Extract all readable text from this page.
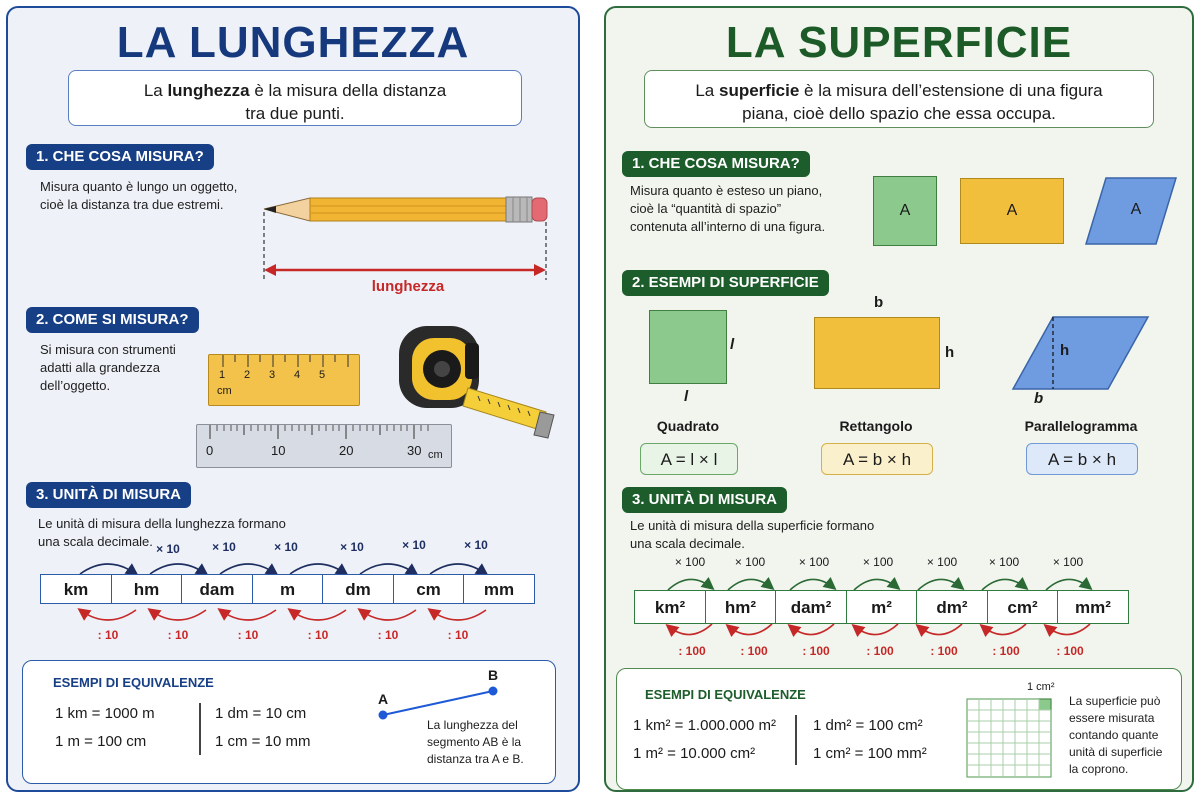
LA LUNGHEZZA
La lunghezza è la misura della distanza
tra due punti.
1. CHE COSA MISURA?
Misura quanto è lungo un oggetto,
cioè la distanza tra due estremi.
lunghezza
2. COME SI MISURA?
Si misura con strumenti
adatti alla grandezza
dell’oggetto.
1 2 3 4 5
cm
0	10	20	30 cm
3. UNITÀ DI MISURA
Le unità di misura della lunghezza formano
una scala decimale. × 10	× 10	× 10	× 10	× 10	× 10
km	hm	dam	m	dm	cm	mm
: 10	: 10	: 10	: 10	: 10	: 10
ESEMPI DI EQUIVALENZE
1 km = 1000 m
1 m = 100 cm
1 dm = 10 cm
1 cm = 10 mm
A
B
La lunghezza del
segmento AB è la
distanza tra A e B.
LA SUPERFICIE
La superficie è la misura dell’estensione di una figura
piana, cioè dello spazio che essa occupa.
1. CHE COSA MISURA?
Misura quanto è esteso un piano,
cioè la “quantità di spazio”
contenuta all’interno di una figura.
A	A	A
2. ESEMPI DI SUPERFICIE
l
l
Quadrato
A = l × l
b
h
Rettangolo
A = b × h
h
b
Parallelogramma
A = b × h
3. UNITÀ DI MISURA
Le unità di misura della superficie formano
una scala decimale.
× 100	× 100	× 100	× 100	× 100	× 100	× 100
km²	hm²	dam²	m²	dm²	cm²	mm²
: 100	: 100	: 100	: 100	: 100	: 100	: 100
ESEMPI DI EQUIVALENZE
1 km² = 1.000.000 m²
1 m² = 10.000 cm²
1 dm² = 100 cm²
1 cm² = 100 mm²
1 cm²
La superficie può
essere misurata
contando quante
unità di superficie
la coprono.
